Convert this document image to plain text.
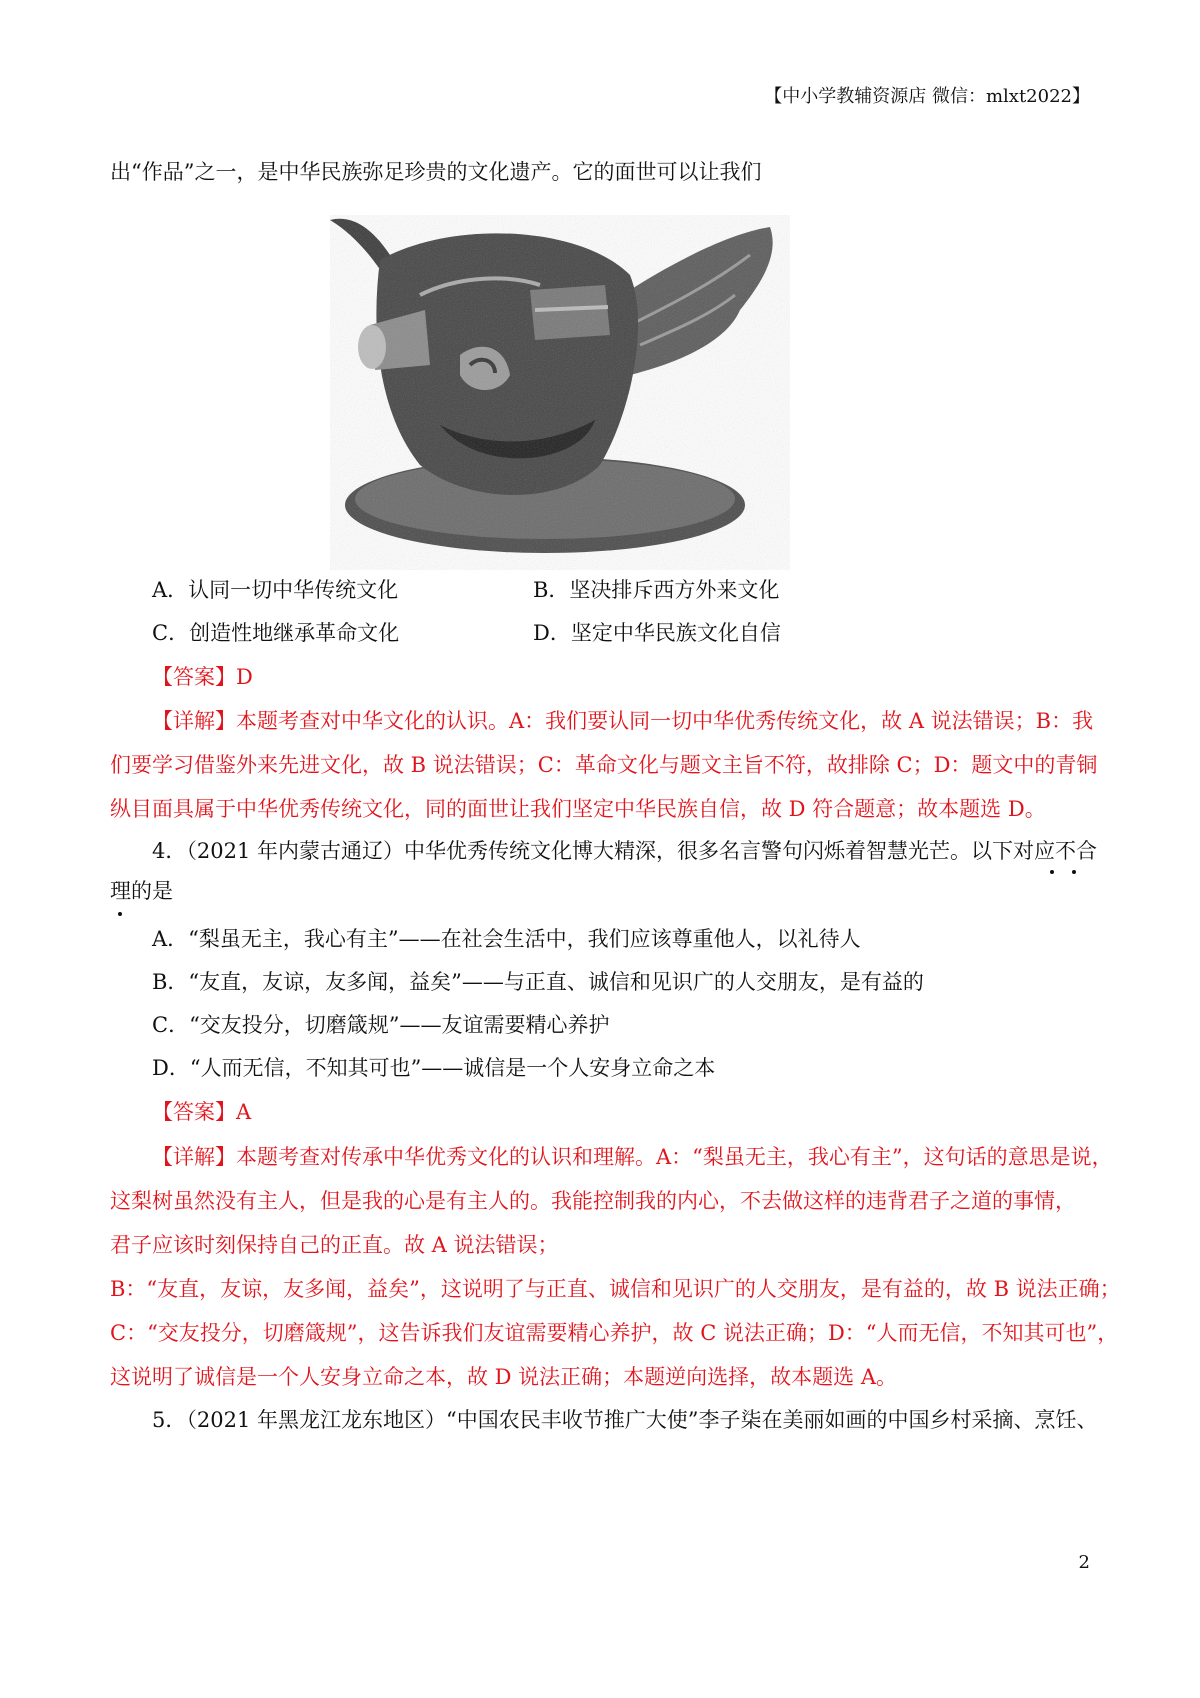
【中小学教辅资源店 微信：mlxt2022】
出“作品”之一，是中华民族弥足珍贵的文化遗产。它的面世可以让我们
A．认同一切中华传统文化	B．坚决排斥西方外来文化
C．创造性地继承革命文化	D．坚定中华民族文化自信
【答案】D
【详解】本题考查对中华文化的认识。A：我们要认同一切中华优秀传统文化，故 A 说法错误；B：我
们要学习借鉴外来先进文化，故 B 说法错误；C：革命文化与题文主旨不符，故排除 C；D：题文中的青铜
纵目面具属于中华优秀传统文化，同的面世让我们坚定中华民族自信，故 D 符合题意；故本题选 D。
4．（2021 年内蒙古通辽）中华优秀传统文化博大精深，很多名言警句闪烁着智慧光芒。以下对应不合
理的是
A．“梨虽无主，我心有主”——在社会生活中，我们应该尊重他人，以礼待人
B．“友直，友谅，友多闻，益矣”——与正直、诚信和见识广的人交朋友，是有益的
C．“交友投分，切磨箴规”——友谊需要精心养护
D．“人而无信，不知其可也”——诚信是一个人安身立命之本
【答案】A
【详解】本题考查对传承中华优秀文化的认识和理解。A：“梨虽无主，我心有主”，这句话的意思是说，
这梨树虽然没有主人，但是我的心是有主人的。我能控制我的内心，不去做这样的违背君子之道的事情，
君子应该时刻保持自己的正直。故 A 说法错误；
B：“友直，友谅，友多闻，益矣”，这说明了与正直、诚信和见识广的人交朋友，是有益的，故 B 说法正确；
C：“交友投分，切磨箴规”，这告诉我们友谊需要精心养护，故 C 说法正确；D：“人而无信，不知其可也”，
这说明了诚信是一个人安身立命之本，故 D 说法正确；本题逆向选择，故本题选 A。
5．（2021 年黑龙江龙东地区）“中国农民丰收节推广大使”李子柒在美丽如画的中国乡村采摘、烹饪、
2
